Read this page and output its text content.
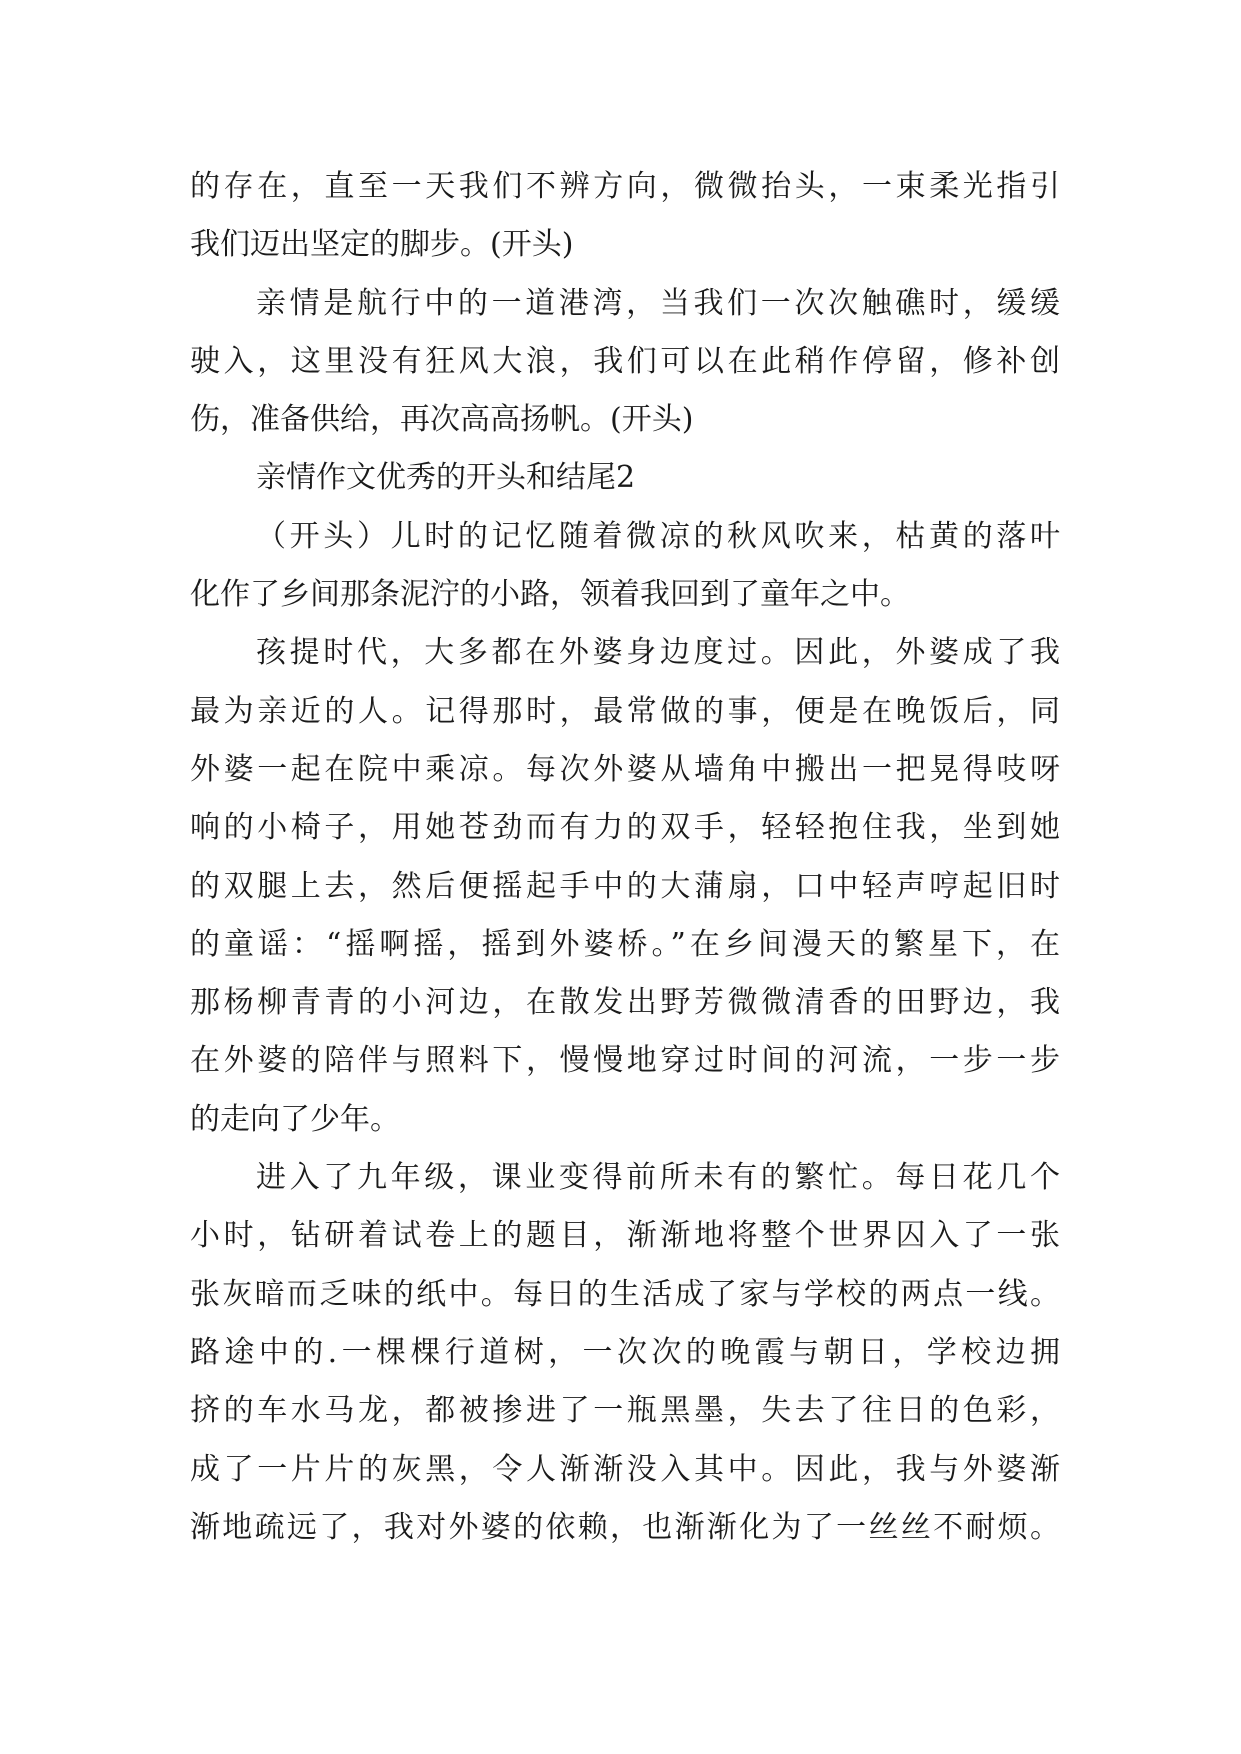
的存在，直至一天我们不辨方向，微微抬头，一束柔光指引
我们迈出坚定的脚步。(开头)
亲情是航行中的一道港湾，当我们一次次触礁时，缓缓
驶入，这里没有狂风大浪，我们可以在此稍作停留，修补创
伤，准备供给，再次高高扬帆。(开头)
亲情作文优秀的开头和结尾2
（开头）儿时的记忆随着微凉的秋风吹来，枯黄的落叶
化作了乡间那条泥泞的小路，领着我回到了童年之中。
孩提时代，大多都在外婆身边度过。因此，外婆成了我
最为亲近的人。记得那时，最常做的事，便是在晚饭后，同
外婆一起在院中乘凉。每次外婆从墙角中搬出一把晃得吱呀
响的小椅子，用她苍劲而有力的双手，轻轻抱住我，坐到她
的双腿上去，然后便摇起手中的大蒲扇，口中轻声哼起旧时
的童谣：“摇啊摇，摇到外婆桥。”在乡间漫天的繁星下，在
那杨柳青青的小河边，在散发出野芳微微清香的田野边，我
在外婆的陪伴与照料下，慢慢地穿过时间的河流，一步一步
的走向了少年。
进入了九年级，课业变得前所未有的繁忙。每日花几个
小时，钻研着试卷上的题目，渐渐地将整个世界囚入了一张
张灰暗而乏味的纸中。每日的生活成了家与学校的两点一线。
路途中的.一棵棵行道树，一次次的晚霞与朝日，学校边拥
挤的车水马龙，都被掺进了一瓶黑墨，失去了往日的色彩，
成了一片片的灰黑，令人渐渐没入其中。因此，我与外婆渐
渐地疏远了，我对外婆的依赖，也渐渐化为了一丝丝不耐烦。
